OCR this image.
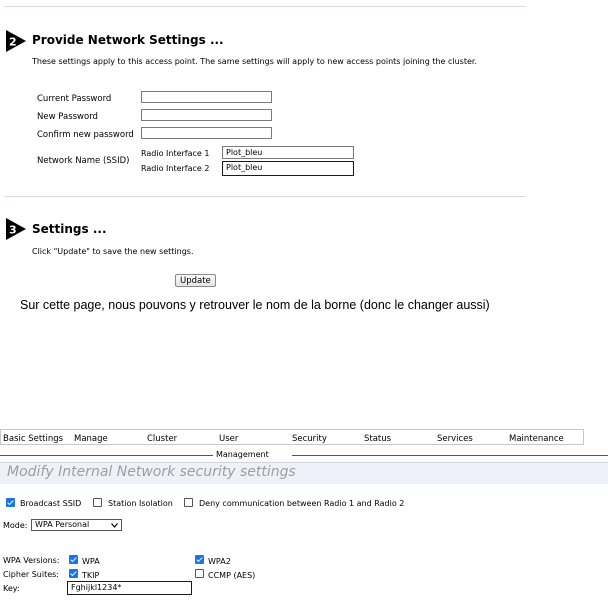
2 Provide Network Settings ...
These settings apply to this access point. The same settings will apply to new access points joining the cluster.
Current Password
New Password
Confirm new password
Network Name (SSID)
Radio Interface 1	Plot_bleu
Radio Interface 2	Plot_bleu
3 Settings ...
Click "Update" to save the new settings.
Update
Sur cette page, nous pouvons y retrouver le nom de la borne (donc le changer aussi)
Basic Settings Manage	Cluster	User	Security	Status	Services	Maintenance
Management
Modify Internal Network security settings
Broadcast SSID	Station Isolation	Deny communication between Radio 1 and Radio 2
Mode: WPA Personal
WPA Versions:	WPA	WPA2
Cipher Suites:	TKIP	CCMP (AES)
Key:	Fghijkl1234*
